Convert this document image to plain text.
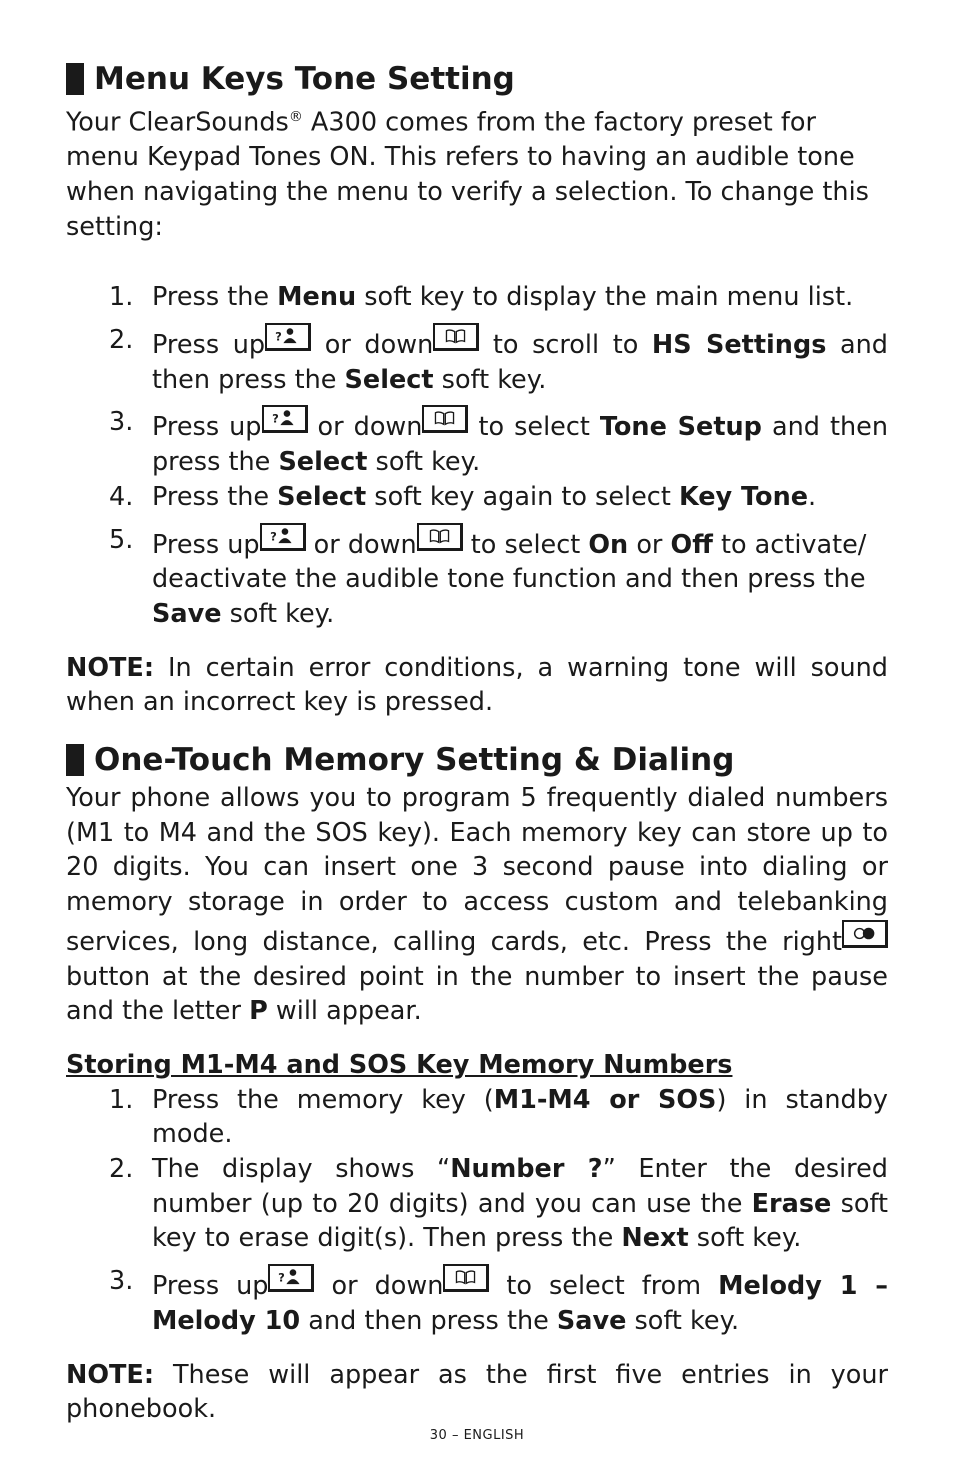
Menu Keys Tone Setting

Your ClearSounds® A300 comes from the factory preset for menu Keypad Tones ON. This refers to having an audible tone when navigating the menu to verify a selection. To change this setting:

1. Press the Menu soft key to display the main menu list.
2. Press up ? or down
to scroll to HS Settings and then press the Select soft key.
3. Press up ? or down
to select Tone Setup and then press the Select soft key.
4. Press the Select soft key again to select Key Tone.
5. Press up ? or down
to select On or Off to activate/ deactivate the audible tone function and then press the Save soft key.

NOTE: In certain error conditions, a warning tone will sound when an incorrect key is pressed.

One-Touch Memory Setting & Dialing

Your phone allows you to program 5 frequently dialed numbers (M1 to M4 and the SOS key). Each memory key can store up to 20 digits. You can insert one 3 second pause into dialing or memory storage in order to access custom and telebanking services, long distance, calling cards, etc. Press the right
button at the desired point in the number to insert the pause and the letter P will appear.

Storing M1-M4 and SOS Key Memory Numbers

1. Press the memory key (M1-M4 or SOS) in standby mode.
2. The display shows “Number ?” Enter the desired number (up to 20 digits) and you can use the Erase soft key to erase digit(s). Then press the Next soft key.
3. Press up ? or down
to select from Melody 1 – Melody 10 and then press the Save soft key.

NOTE: These will appear as the first five entries in your phonebook.

30 – ENGLISH
